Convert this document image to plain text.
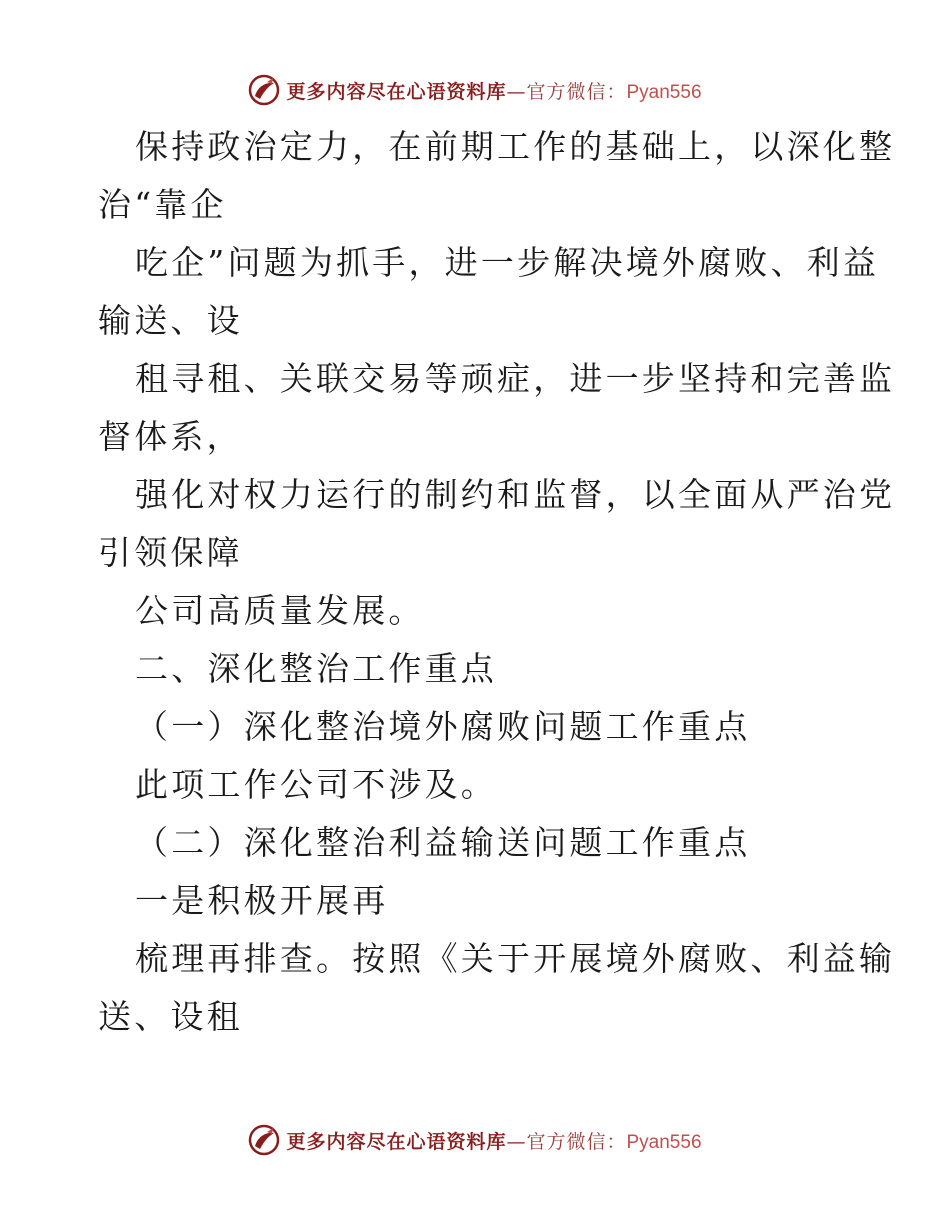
更多内容尽在心语资料库—官方微信：Pyan556
保持政治定力，在前期工作的基础上，以深化整
治“靠企
吃企”问题为抓手，进一步解决境外腐败、利益
输送、设
租寻租、关联交易等顽症，进一步坚持和完善监
督体系，
强化对权力运行的制约和监督，以全面从严治党
引领保障
公司高质量发展。
二、深化整治工作重点
（一）深化整治境外腐败问题工作重点
此项工作公司不涉及。
（二）深化整治利益输送问题工作重点
一是积极开展再
梳理再排查。按照《关于开展境外腐败、利益输
送、设租
更多内容尽在心语资料库—官方微信：Pyan556
